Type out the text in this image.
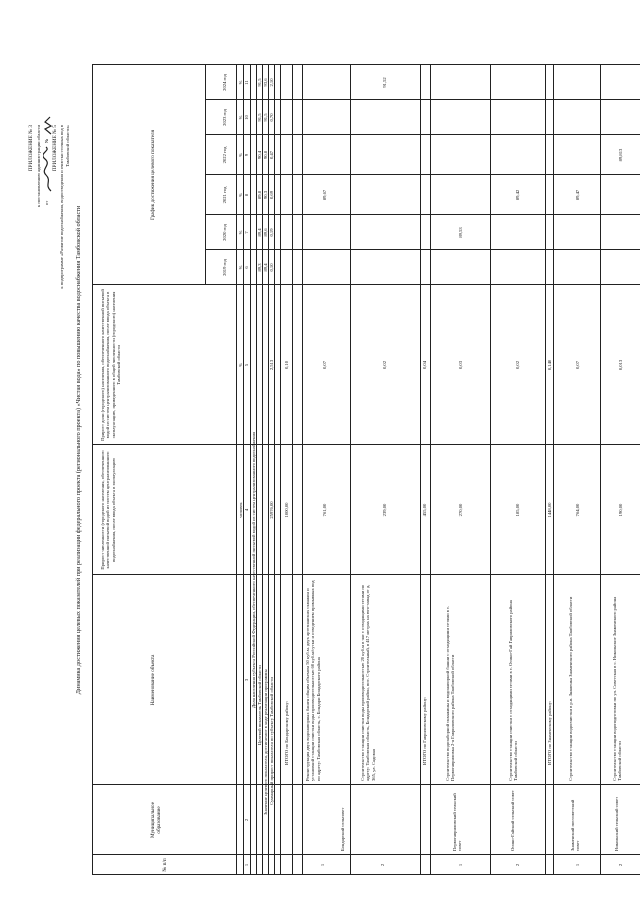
ПРИЛОЖЕНИЕ № 3 к постановлению администрации области от
№ ПРИЛОЖЕНИЕ № 5 к подпрограмме «Развитие водоснабжения, водоотведения и очистки сточных вод в Тамбовской области»
Динамика достижения целевых показателей при реализации федерального проекта (регионального проекта) «Чистая вода» по повышению качества водоснабжения Тамбовской области
№ п/п
Муниципальное образование
Наименование объекта
Прирост численности (городского населения, обеспеченного качественной питьевой водой из систем централизованного водоснабжения, после ввода объекта в эксплуатацию
Прирост доли (городского) населения, обеспеченного качественной питьевой водой из систем централизованного водоснабжения, после ввода объекта в эксплуатацию, приведенного в общей численности (городского) населения Тамбовской области
График достижения целевого показателя
2019 год
2020 год
2021 год
2022 год
2023 год
2024 год
человек
%
%
%
%
%
%
%
1
2
3
4
5
6
7
8
9
10
11
Доля населения субъекта Российской Федерации, обеспеченного качественной питьевой водой из систем централизованного водоснабжения Целевой показатель Тамбовской области
89,3
89,4
89,8
90,4
91,5
91,5
Значение целевого показателя, достигаемое в ходе реализации программы
89,4
89,6
90,3
90,8
91,5
93,6
Суммарный прирост показателя по субъекту Тамбовской области
25976,00
2,513
0,10
0,19
0,69
0,47
0,70
2,10
ИТОГО по Бондарскому району:
1000,00
0,10
1
Бондарский сельсовет
Реконструкция двух водонапорных башен общим объемом 50 куб.м. двух артезианских скважин и установкой станции очистки воды производительностью 60 куб.м/сутки и отведением промывных вод по адресу: Тамбовская область, с. Бондари Бондарского района
761,00
0,07
89,67
2
Строительство станции очистки воды производительностью 20 куб.м в час с отводящими сетями по адресу: Тамбовская область, Бондарский район, пос. Строительный, в 417 метрах на юго-запад от д. 365, ул. Садовая
239,00
0,02
91,52
ИТОГО по Гавриловскому району:
455,00
0,04
1
Первогавриловский сельский совет
Строительство водозаборной скважины и водонапорной башни с отходящими сетями в с. Первогавриловка 2-я Гавриловского района Тамбовской области
270,00
0,03
89,53
2
Осино-Гайский сельский совет
Строительство станции очистки с отходящими сетями в с. Осино-Гай Гавриловского района Тамбовской области
185,00
0,02
89,42
ИТОГО по Знаменскому району:
1448,00
0,140
1
Знаменский поссоветский совет
Строительство станции водоочистки в р.п. Знаменка Знаменского района Тамбовской области
764,00
0,07
89,47
2
Никольский сельский совет
Строительство станции водоподготовки по ул. Советская в с. Никольское Знаменского района Тамбовской области
190,00
0,013
89,813
